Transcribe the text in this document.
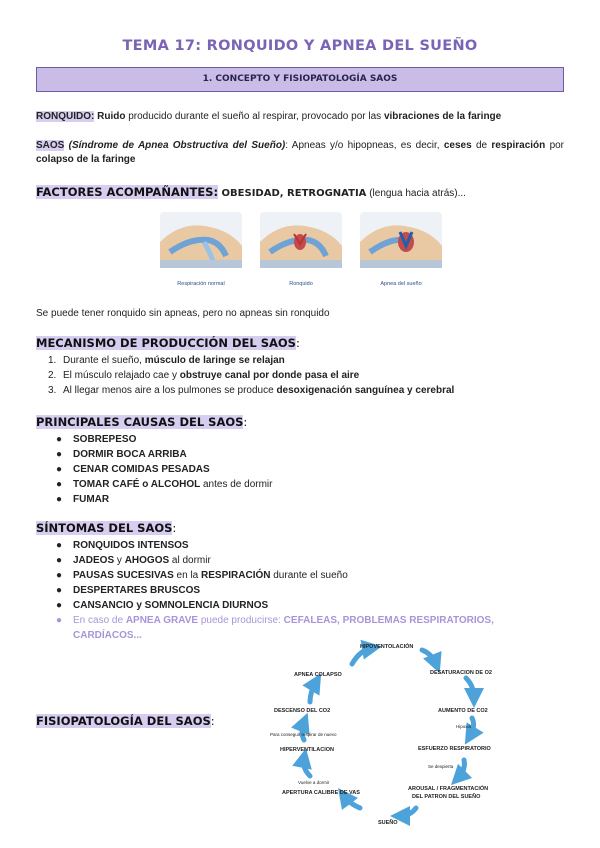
TEMA 17: RONQUIDO Y APNEA DEL SUEÑO
1. CONCEPTO Y FISIOPATOLOGÍA SAOS
RONQUIDO: Ruido producido durante el sueño al respirar, provocado por las vibraciones de la faringe
SAOS (Síndrome de Apnea Obstructiva del Sueño): Apneas y/o hipopneas, es decir, ceses de respiración por colapso de la faringe
FACTORES ACOMPAÑANTES: OBESIDAD, RETROGNATIA (lengua hacia atrás)...
Respiración normal	Ronquido	Apnea del sueño
Se puede tener ronquido sin apneas, pero no apneas sin ronquido
MECANISMO DE PRODUCCIÓN DEL SAOS:
1. Durante el sueño, músculo de laringe se relajan
2. El músculo relajado cae y obstruye canal por donde pasa el aire
3. Al llegar menos aire a los pulmones se produce desoxigenación sanguínea y cerebral
PRINCIPALES CAUSAS DEL SAOS:
● SOBREPESO
● DORMIR BOCA ARRIBA
● CENAR COMIDAS PESADAS
● TOMAR CAFÉ o ALCOHOL antes de dormir
● FUMAR
SÍNTOMAS DEL SAOS:
● RONQUIDOS INTENSOS
● JADEOS y AHOGOS al dormir
● PAUSAS SUCESIVAS en la RESPIRACIÓN durante el sueño
● DESPERTARES BRUSCOS
● CANSANCIO y SOMNOLENCIA DIURNOS
● En caso de APNEA GRAVE puede producirse: CEFALEAS, PROBLEMAS RESPIRATORIOS,
CARDÍACOS...
FISIOPATOLOGÍA DEL SAOS:
HIPOVENTOLACIÓN
DESATURACION DE O2
AUMENTO DE CO2
Hipoxia
ESFUERZO RESPIRATORIO
Se despierta
AROUSAL / FRAGMENTACIÓN
DEL PATRON DEL SUEÑO
SUEÑO
APERTURA CALIBRE DE VAS
Vuelve a dormir
HIPERVENTILACION
Para conseguir respirar de nuevo
DESCENSO DEL CO2
APNEA COLAPSO
